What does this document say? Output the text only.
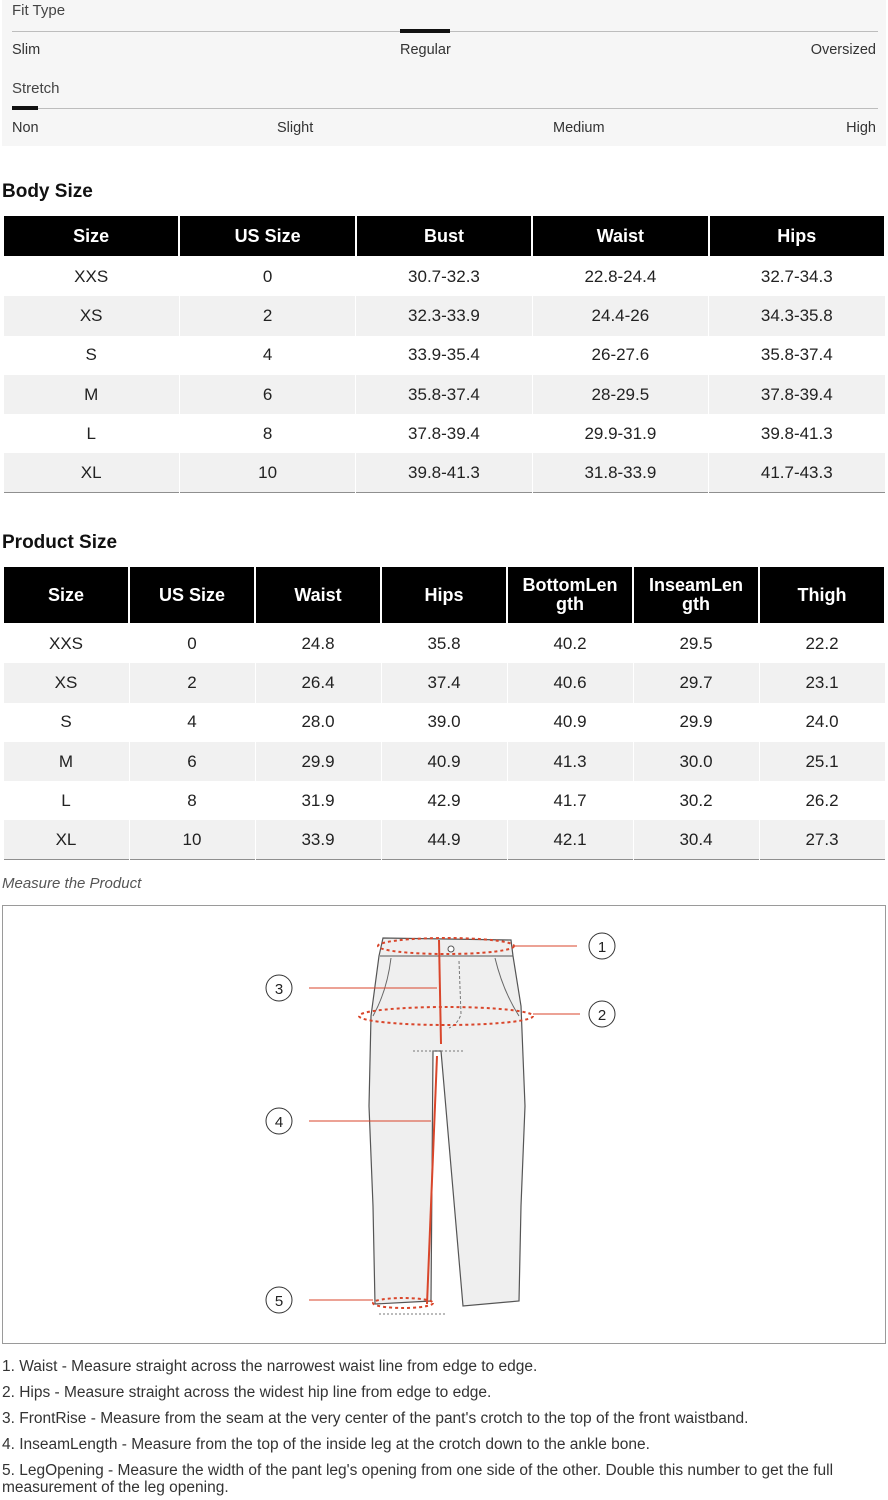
Fit Type
Slim	Regular	Oversized
Stretch
Non	Slight	Medium	High
Body Size
Size	US Size	Bust	Waist	Hips
XXS	0	30.7-32.3	22.8-24.4	32.7-34.3
XS	2	32.3-33.9	24.4-26	34.3-35.8
S	4	33.9-35.4	26-27.6	35.8-37.4
M	6	35.8-37.4	28-29.5	37.8-39.4
L	8	37.8-39.4	29.9-31.9	39.8-41.3
XL	10	39.8-41.3	31.8-33.9	41.7-43.3
Product Size
Size	US Size	Waist	Hips	BottomLen gth	InseamLen gth	Thigh
XXS	0	24.8	35.8	40.2	29.5	22.2
XS	2	26.4	37.4	40.6	29.7	23.1
S	4	28.0	39.0	40.9	29.9	24.0
M	6	29.9	40.9	41.3	30.0	25.1
L	8	31.9	42.9	41.7	30.2	26.2
XL	10	33.9	44.9	42.1	30.4	27.3
Measure the Product
1
2
3
4
5

1. Waist - Measure straight across the narrowest waist line from edge to edge.

2. Hips - Measure straight across the widest hip line from edge to edge.

3. FrontRise - Measure from the seam at the very center of the pant's crotch to the top of the front waistband.

4. InseamLength - Measure from the top of the inside leg at the crotch down to the ankle bone.

5. LegOpening - Measure the width of the pant leg's opening from one side of the other. Double this number to get the full measurement of the leg opening.
